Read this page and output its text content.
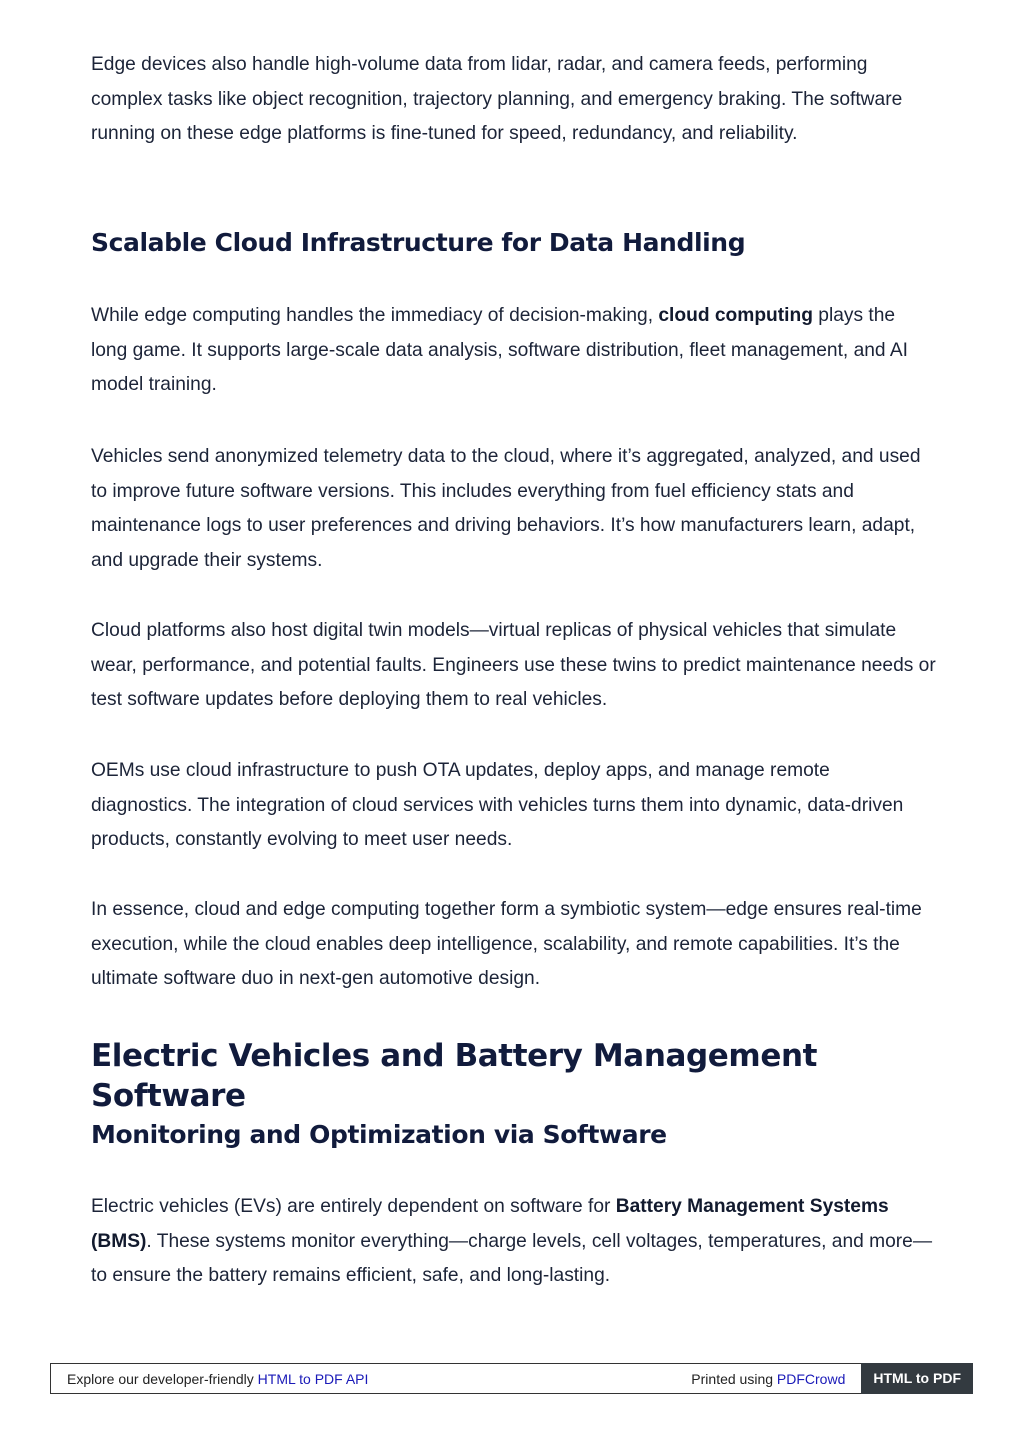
Edge devices also handle high-volume data from lidar, radar, and camera feeds, performing complex tasks like object recognition, trajectory planning, and emergency braking. The software running on these edge platforms is fine-tuned for speed, redundancy, and reliability.

Scalable Cloud Infrastructure for Data Handling

While edge computing handles the immediacy of decision-making, cloud computing plays the long game. It supports large-scale data analysis, software distribution, fleet management, and AI model training.

Vehicles send anonymized telemetry data to the cloud, where it’s aggregated, analyzed, and used to improve future software versions. This includes everything from fuel efficiency stats and maintenance logs to user preferences and driving behaviors. It’s how manufacturers learn, adapt, and upgrade their systems.

Cloud platforms also host digital twin models—virtual replicas of physical vehicles that simulate wear, performance, and potential faults. Engineers use these twins to predict maintenance needs or test software updates before deploying them to real vehicles.

OEMs use cloud infrastructure to push OTA updates, deploy apps, and manage remote diagnostics. The integration of cloud services with vehicles turns them into dynamic, data-driven products, constantly evolving to meet user needs.

In essence, cloud and edge computing together form a symbiotic system—edge ensures real-time execution, while the cloud enables deep intelligence, scalability, and remote capabilities. It’s the ultimate software duo in next-gen automotive design.

Electric Vehicles and Battery Management Software
Monitoring and Optimization via Software

Electric vehicles (EVs) are entirely dependent on software for Battery Management Systems (BMS). These systems monitor everything—charge levels, cell voltages, temperatures, and more—to ensure the battery remains efficient, safe, and long-lasting.

Explore our developer-friendly HTML to PDF API	Printed using PDFCrowd	HTML to PDF
